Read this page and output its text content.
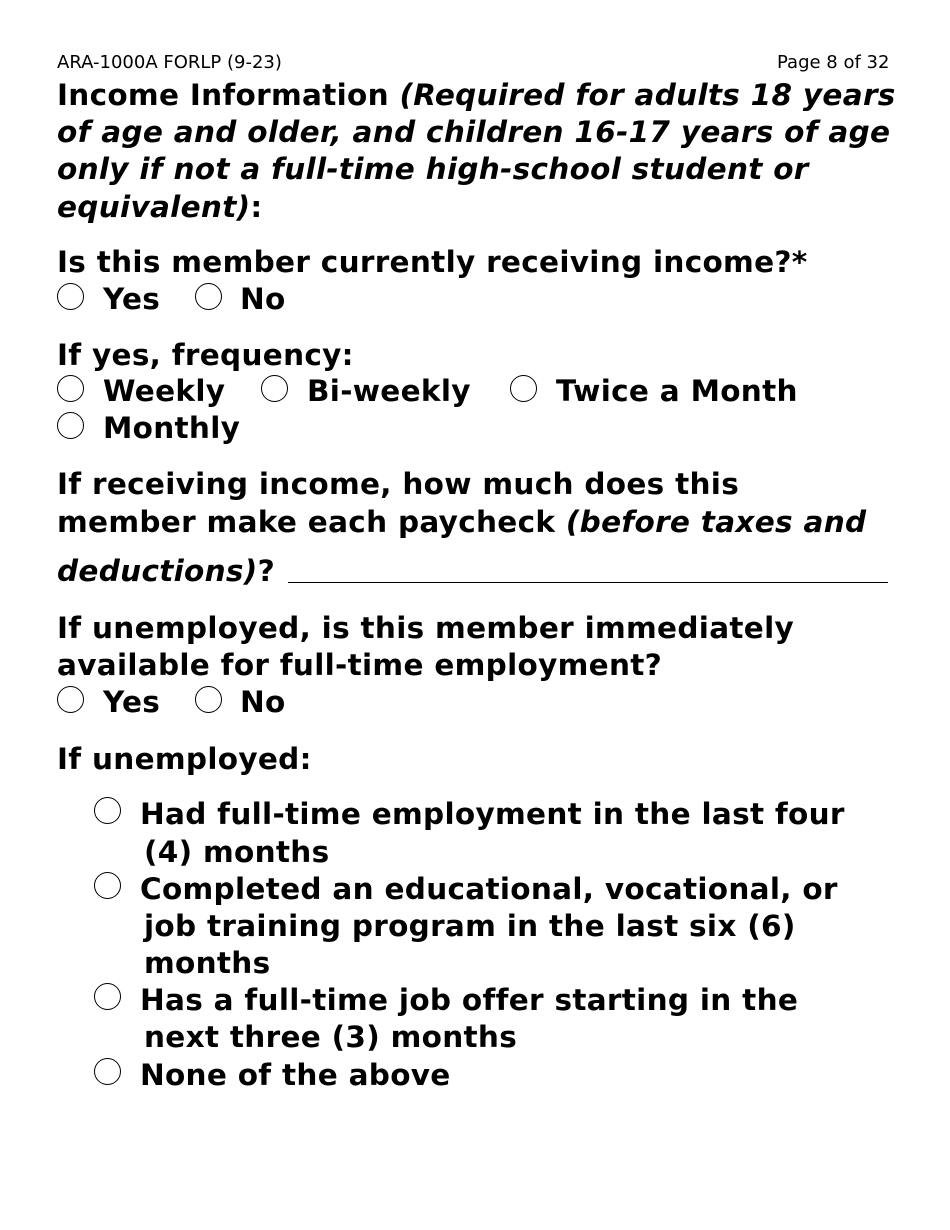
ARA-1000A FORLP (9-23)	Page 8 of 32
Income Information (Required for adults 18 years of age and older, and children 16-17 years of age only if not a full-time high-school student or equivalent):
Is this member currently receiving income?*
Yes	No
If yes, frequency:
Weekly	Bi-weekly	Twice a Month
Monthly
If receiving income, how much does this
member make each paycheck (before taxes and
deductions)?
If unemployed, is this member immediately
available for full-time employment?
Yes	No
If unemployed:
Had full-time employment in the last four
(4) months
Completed an educational, vocational, or
job training program in the last six (6)
months
Has a full-time job offer starting in the
next three (3) months
None of the above
